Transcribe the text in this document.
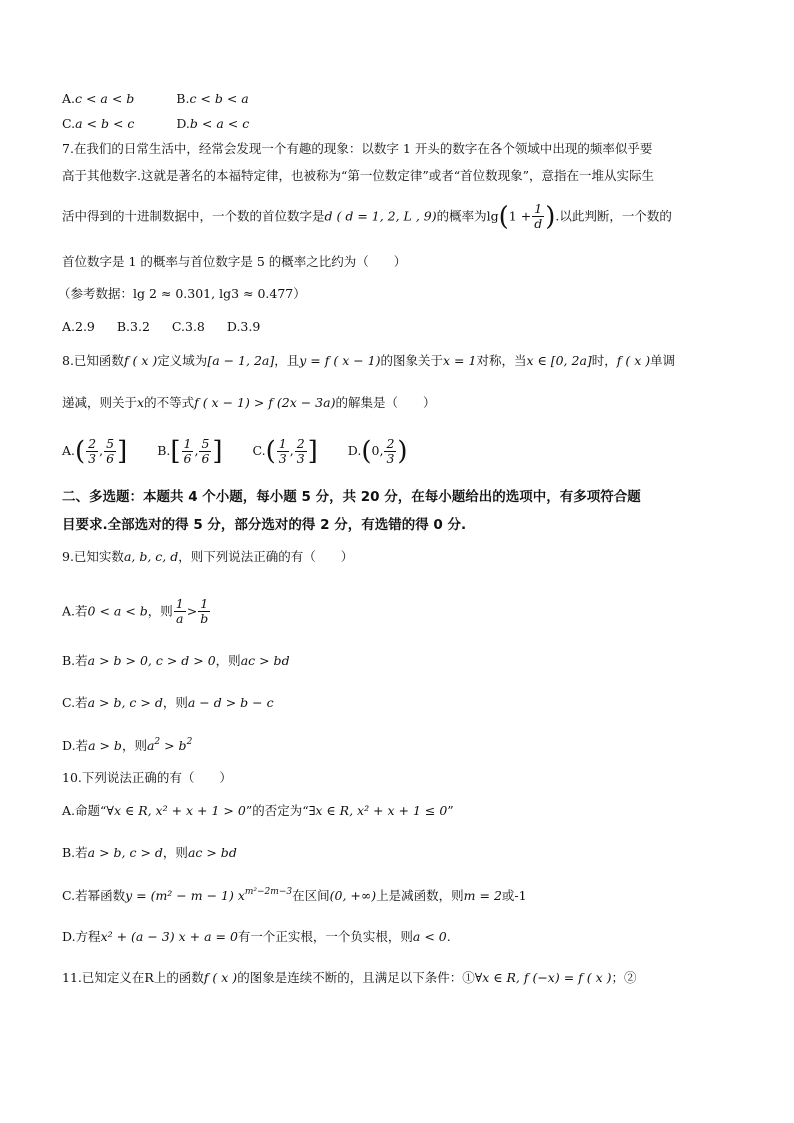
A.c < a < b	B.c < b < a
C.a < b < c	D.b < a < c
7.在我们的日常生活中，经常会发现一个有趣的现象：以数字 1 开头的数字在各个领域中出现的频率似乎要
高于其他数字.这就是著名的本福特定律，也被称为“第一位数定律”或者“首位数现象”，意指在一堆从实际生
活中得到的十进制数据中，一个数的首位数字是d ( d = 1, 2, L , 9)的概率为$\lg(1 + \frac{1}{d}$ ).以此判断，一个数的
首位数字是 1 的概率与首位数字是 5 的概率之比约为（　　）
（参考数据：lg 2 ≈ 0.301, lg3 ≈ 0.477）
A.2.9 B.3.2 C.3.8 D.3.9
8.已知函数f ( x )定义域为[a − 1, 2a]，且y = f ( x − 1)的图象关于x = 1对称，当x ∈ [0, 2a]时，f ( x )单调
递减，则关于x的不等式f ( x − 1) > f (2x − 3a)的解集是（　　）
$A.( \frac{2}{3}$ , $\frac{5}{6}$ ] $B.[ \frac{1}{6}$ , $\frac{5}{6}$ ] $C.( \frac{1}{3}$ , $\frac{2}{3}$ ] D.(0, $\frac{2}{3}$ )
二、多选题：本题共 4 个小题，每小题 5 分，共 20 分，在每小题给出的选项中，有多项符合题
目要求.全部选对的得 5 分，部分选对的得 2 分，有选错的得 0 分.
9.已知实数a, b, c, d，则下列说法正确的有（　　）
A.若0 < a < b，则 $\frac{1}{a} > \frac{1}{b}$
B.若a > b > 0, c > d > 0，则ac > bd
C.若a > b, c > d，则a − d > b − c
D.若a > b，则$a^2 > b^2$
10.下列说法正确的有（　　）
A.命题“∀x ∈ R, x² + x + 1 > 0”的否定为“∃x ∈ R, x² + x + 1 ≤ 0”
B.若a > b, c > d，则ac > bd
C.若幂函数y = (m² − m − 1) $x^{m^2-2m-3}$在区间(0, +∞)上是减函数，则m = 2或-1
D.方程x² + (a − 3) x + a = 0有一个正实根，一个负实根，则a < 0.
11.已知定义在R上的函数f ( x )的图象是连续不断的，且满足以下条件：①∀x ∈ R, f (−x) = f ( x )；②
